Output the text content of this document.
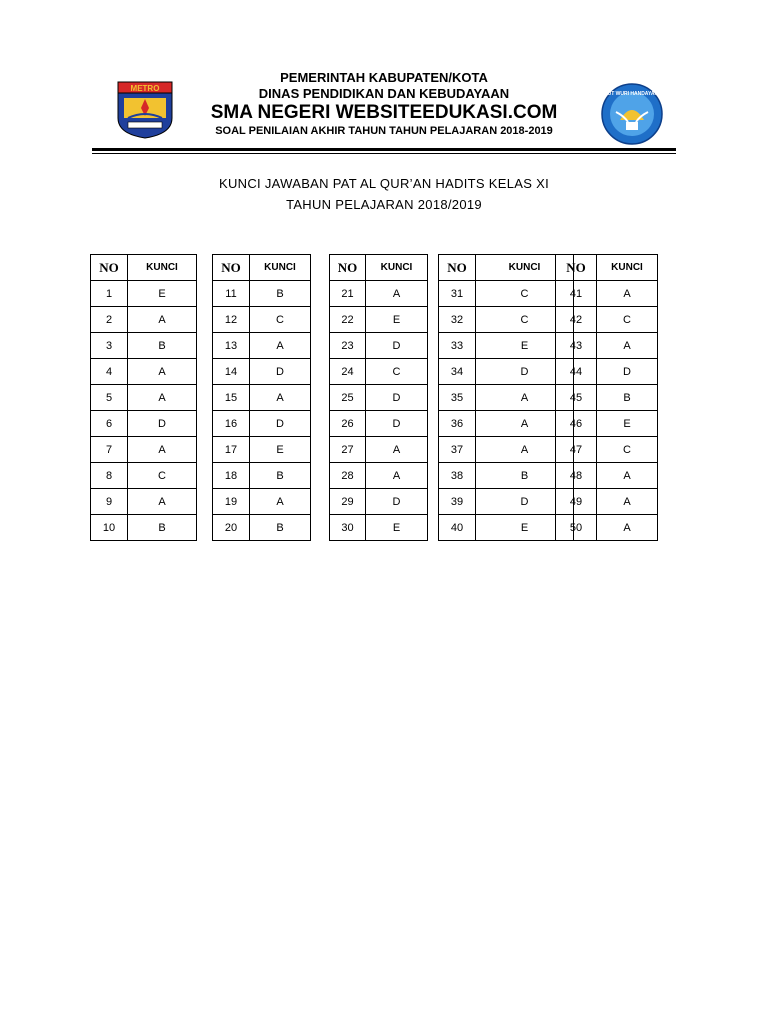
METRO
PEMERINTAH KABUPATEN/KOTA
DINAS PENDIDIKAN DAN KEBUDAYAAN
SMA NEGERI WEBSITEEDUKASI.COM
SOAL PENILAIAN AKHIR TAHUN TAHUN PELAJARAN 2018-2019
TUT WURI HANDAYANI
KUNCI JAWABAN PAT AL QUR’AN HADITS KELAS XI
TAHUN PELAJARAN 2018/2019
NO	KUNCI
1	E
2	A
3	B
4	A
5	A
6	D
7	A
8	C
9	A
10	B
NO	KUNCI
11	B
12	C
13	A
14	D
15	A
16	D
17	E
18	B
19	A
20	B
NO	KUNCI
21	A
22	E
23	D
24	C
25	D
26	D
27	A
28	A
29	D
30	E
NO	KUNCI
31	C
32	C
33	E
34	D
35	A
36	A
37	A
38	B
39	D
40	E
NO	KUNCI
41	A
42	C
43	A
44	D
45	B
46	E
47	C
48	A
49	A
50	A
